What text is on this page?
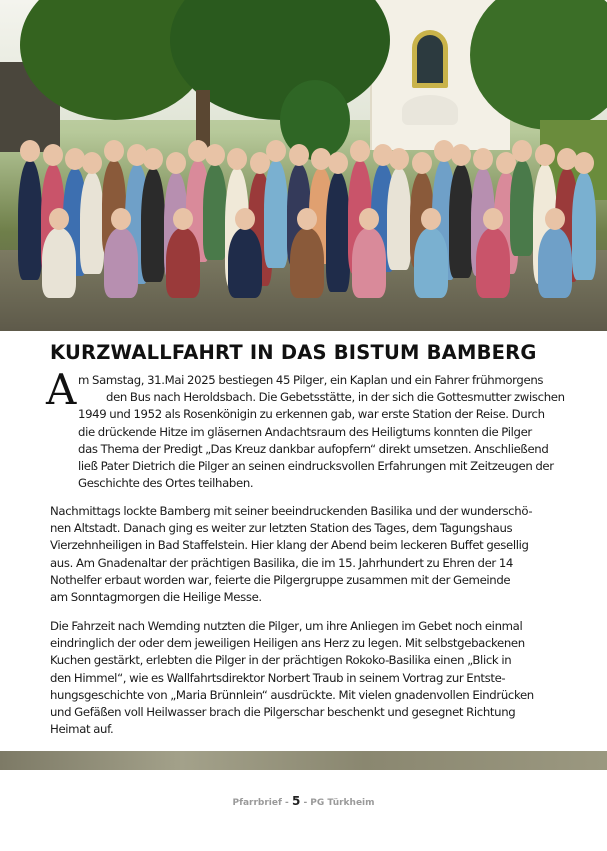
KURZWALLFAHRT IN DAS BISTUM BAMBERG
A m Samstag, 31.Mai 2025 bestiegen 45 Pilger, ein Kaplan und ein Fahrer frühmorgens
den Bus nach Heroldsbach. Die Gebetsstätte, in der sich die Gottesmutter zwischen
1949 und 1952 als Rosenkönigin zu erkennen gab, war erste Station der Reise. Durch
die drückende Hitze im gläsernen Andachtsraum des Heiligtums konnten die Pilger
das Thema der Predigt „Das Kreuz dankbar aufopfern“ direkt umsetzen. Anschließend
ließ Pater Dietrich die Pilger an seinen eindrucksvollen Erfahrungen mit Zeitzeugen der
Geschichte des Ortes teilhaben.
Nachmittags lockte Bamberg mit seiner beeindruckenden Basilika und der wunderschö-
nen Altstadt. Danach ging es weiter zur letzten Station des Tages, dem Tagungshaus
Vierzehnheiligen in Bad Staffelstein. Hier klang der Abend beim leckeren Buffet gesellig
aus. Am Gnadenaltar der prächtigen Basilika, die im 15. Jahrhundert zu Ehren der 14
Nothelfer erbaut worden war, feierte die Pilgergruppe zusammen mit der Gemeinde
am Sonntagmorgen die Heilige Messe.
Die Fahrzeit nach Wemding nutzten die Pilger, um ihre Anliegen im Gebet noch einmal
eindringlich der oder dem jeweiligen Heiligen ans Herz zu legen. Mit selbstgebackenen
Kuchen gestärkt, erlebten die Pilger in der prächtigen Rokoko-Basilika einen „Blick in
den Himmel“, wie es Wallfahrtsdirektor Norbert Traub in seinem Vortrag zur Entste-
hungsgeschichte von „Maria Brünnlein“ ausdrückte. Mit vielen gnadenvollen Eindrücken
und Gefäßen voll Heilwasser brach die Pilgerschar beschenkt und gesegnet Richtung
Heimat auf.
Pfarrbrief - 5 - PG Türkheim
